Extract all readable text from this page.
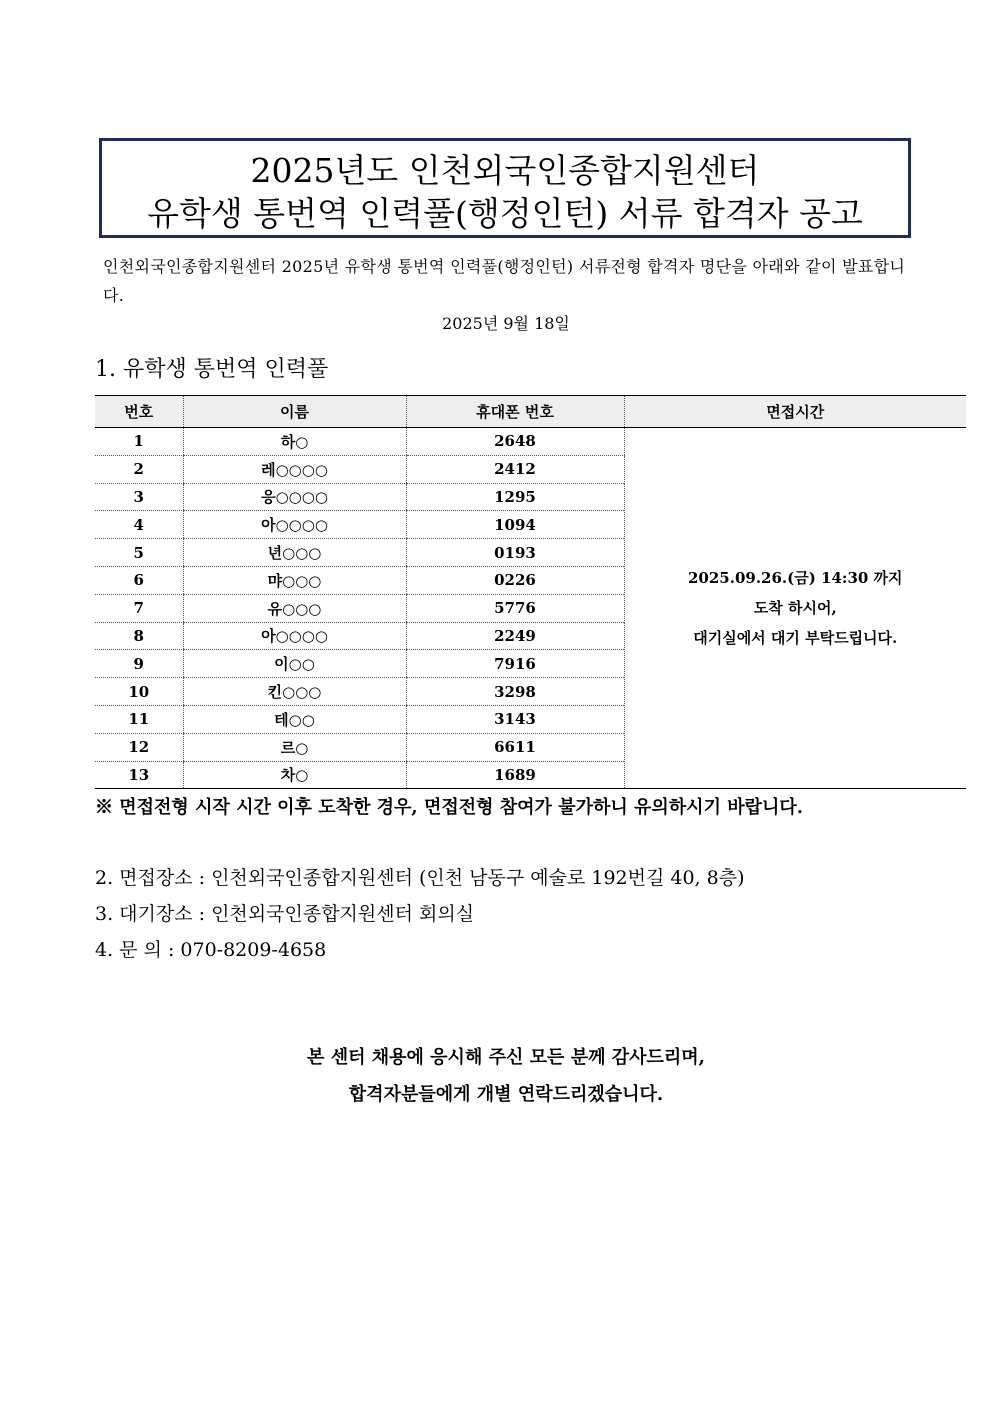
2025년도 인천외국인종합지원센터
유학생 통번역 인력풀(행정인턴) 서류 합격자 공고
인천외국인종합지원센터 2025년 유학생 통번역 인력풀(행정인턴) 서류전형 합격자 명단을 아래와 같이 발표합니다.
2025년 9월 18일
1. 유학생 통번역 인력풀
번호	이름	휴대폰 번호	면접시간
1	하○	2648	2025.09.26.(금) 14:30 까지
도착 하시어,
대기실에서 대기 부탁드립니다.

2	레○○○○	2412	
3	응○○○○	1295	
4	아○○○○	1094	
5	년○○○	0193	
6	먀○○○	0226	
7	유○○○	5776	
8	아○○○○	2249	
9	이○○	7916	
10	킨○○○	3298	
11	테○○	3143	
12	르○	6611	
13	차○	1689	
※ 면접전형 시작 시간 이후 도착한 경우, 면접전형 참여가 불가하니 유의하시기 바랍니다.
2. 면접장소 : 인천외국인종합지원센터 (인천 남동구 예술로 192번길 40, 8층)
3. 대기장소 : 인천외국인종합지원센터 회의실
4. 문 의 : 070-8209-4658
본 센터 채용에 응시해 주신 모든 분께 감사드리며,
합격자분들에게 개별 연락드리겠습니다.
